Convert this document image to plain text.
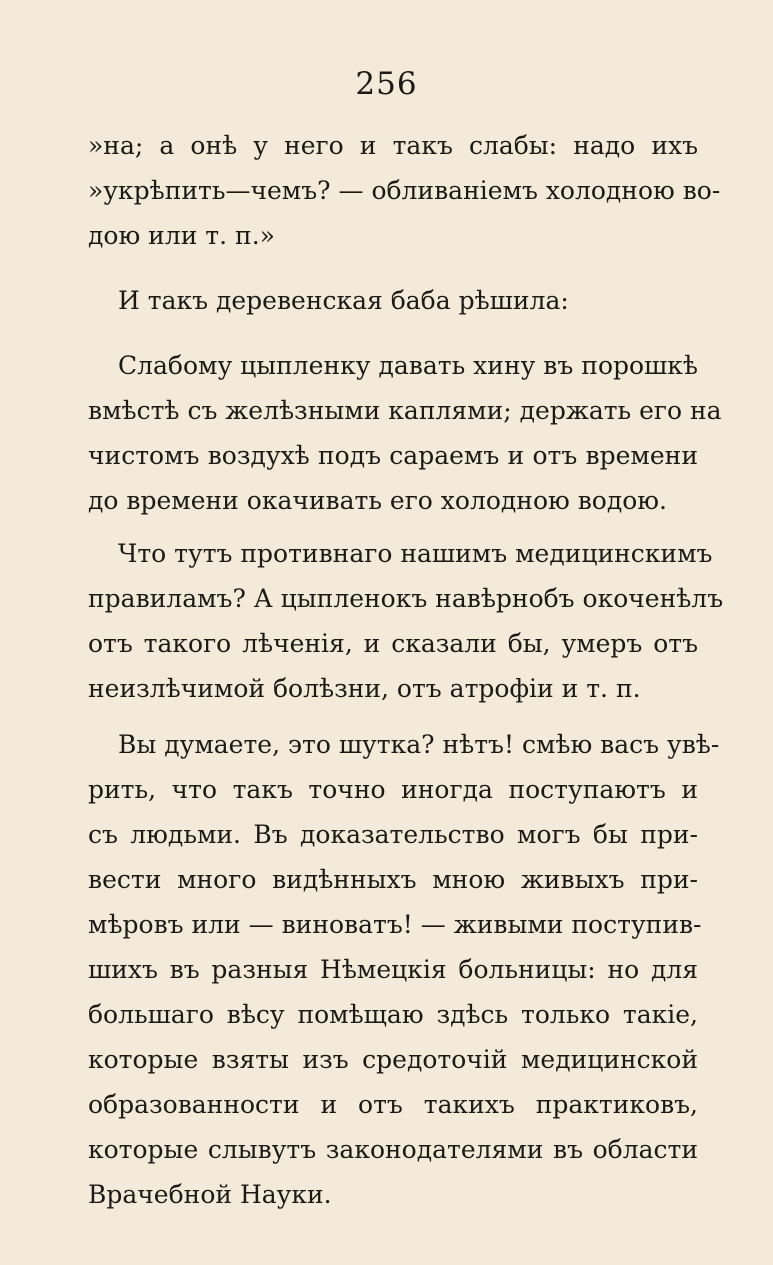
256
»на; а онѣ у него и такъ слабы: надо ихъ
»укрѣпить—чемъ? — обливаніемъ холодною во-
дою или т. п.»
И такъ деревенская баба рѣшила:
Слабому цыпленку давать хину въ порошкѣ
вмѣстѣ съ желѣзными каплями; держать его на
чистомъ воздухѣ подъ сараемъ и отъ времени
до времени окачивать его холодною водою.
Что тутъ противнаго нашимъ медицинскимъ
правиламъ? А цыпленокъ навѣрнобъ окоченѣлъ
отъ такого лѣченія, и сказали бы, умеръ отъ
неизлѣчимой болѣзни, отъ атрофіи и т. п.
Вы думаете, это шутка? нѣтъ! смѣю васъ увѣ-
рить, что такъ точно иногда поступаютъ и
съ людьми. Въ доказательство могъ бы при-
вести много видѣнныхъ мною живыхъ при-
мѣровъ или — виноватъ! — живыми поступив-
шихъ въ разныя Нѣмецкія больницы: но для
большаго вѣсу помѣщаю здѣсь только такіе,
которые взяты изъ средоточій медицинской
образованности и отъ такихъ практиковъ,
которые слывутъ законодателями въ области
Врачебной Науки.
